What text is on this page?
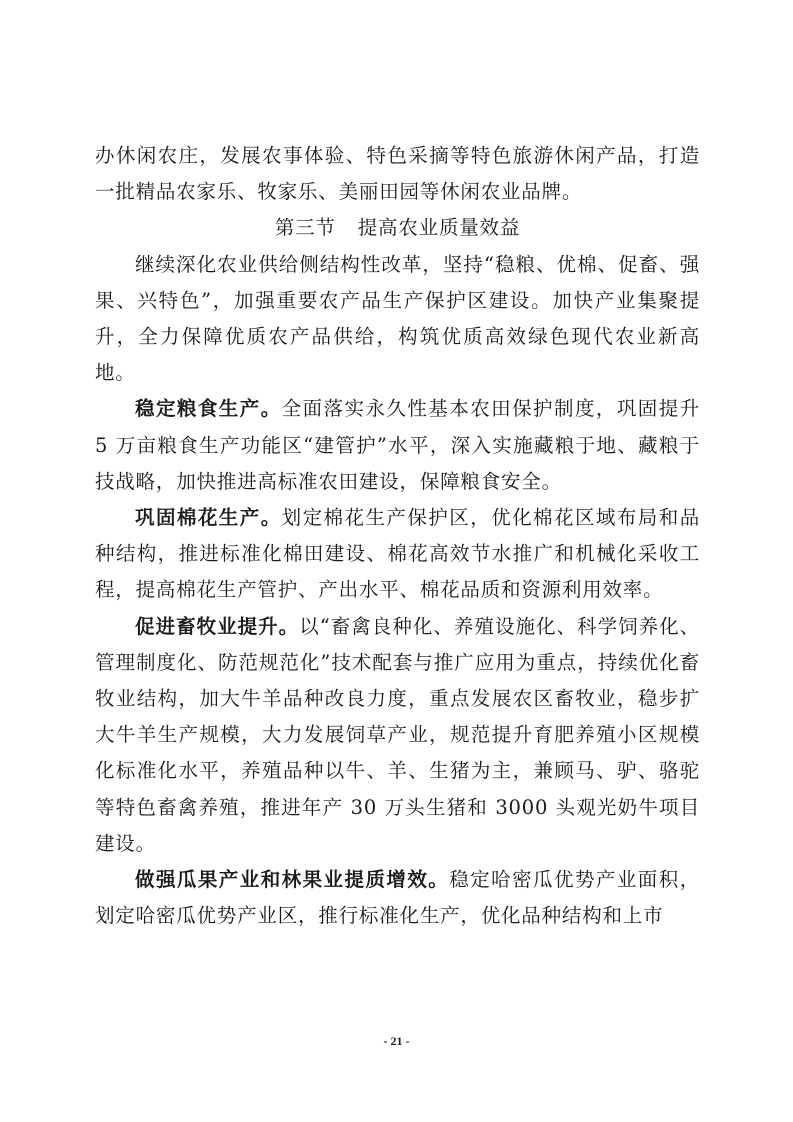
办休闲农庄，发展农事体验、特色采摘等特色旅游休闲产品，打造一批精品农家乐、牧家乐、美丽田园等休闲农业品牌。

第三节 提高农业质量效益

继续深化农业供给侧结构性改革，坚持“稳粮、优棉、促畜、强果、兴特色”，加强重要农产品生产保护区建设。加快产业集聚提升，全力保障优质农产品供给，构筑优质高效绿色现代农业新高地。

稳定粮食生产。全面落实永久性基本农田保护制度，巩固提升 5 万亩粮食生产功能区“建管护”水平，深入实施藏粮于地、藏粮于技战略，加快推进高标准农田建设，保障粮食安全。

巩固棉花生产。划定棉花生产保护区，优化棉花区域布局和品种结构，推进标准化棉田建设、棉花高效节水推广和机械化采收工程，提高棉花生产管护、产出水平、棉花品质和资源利用效率。

促进畜牧业提升。以“畜禽良种化、养殖设施化、科学饲养化、管理制度化、防范规范化”技术配套与推广应用为重点，持续优化畜牧业结构，加大牛羊品种改良力度，重点发展农区畜牧业，稳步扩大牛羊生产规模，大力发展饲草产业，规范提升育肥养殖小区规模化标准化水平，养殖品种以牛、羊、生猪为主，兼顾马、驴、骆驼等特色畜禽养殖，推进年产 30 万头生猪和 3000 头观光奶牛项目建设。

做强瓜果产业和林果业提质增效。稳定哈密瓜优势产业面积，划定哈密瓜优势产业区，推行标准化生产，优化品种结构和上市

- 21 -
